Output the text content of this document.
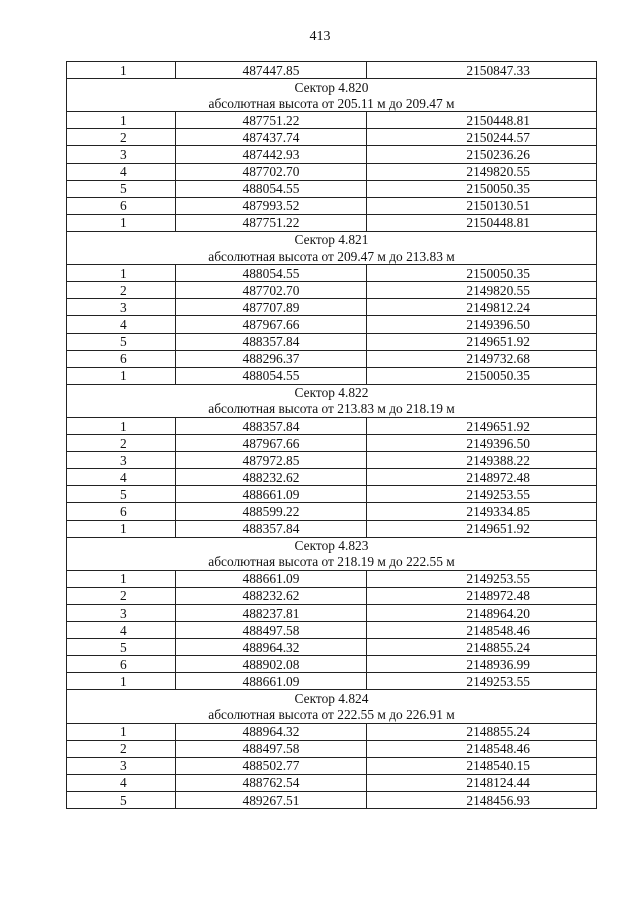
413
1	487447.85	2150847.33
Сектор 4.820		
абсолютная высота от 205.11 м до 209.47 м		
1	487751.22	2150448.81
2	487437.74	2150244.57
3	487442.93	2150236.26
4	487702.70	2149820.55
5	488054.55	2150050.35
6	487993.52	2150130.51
1	487751.22	2150448.81
Сектор 4.821		
абсолютная высота от 209.47 м до 213.83 м		
1	488054.55	2150050.35
2	487702.70	2149820.55
3	487707.89	2149812.24
4	487967.66	2149396.50
5	488357.84	2149651.92
6	488296.37	2149732.68
1	488054.55	2150050.35
Сектор 4.822		
абсолютная высота от 213.83 м до 218.19 м		
1	488357.84	2149651.92
2	487967.66	2149396.50
3	487972.85	2149388.22
4	488232.62	2148972.48
5	488661.09	2149253.55
6	488599.22	2149334.85
1	488357.84	2149651.92
Сектор 4.823		
абсолютная высота от 218.19 м до 222.55 м		
1	488661.09	2149253.55
2	488232.62	2148972.48
3	488237.81	2148964.20
4	488497.58	2148548.46
5	488964.32	2148855.24
6	488902.08	2148936.99
1	488661.09	2149253.55
Сектор 4.824		
абсолютная высота от 222.55 м до 226.91 м		
1	488964.32	2148855.24
2	488497.58	2148548.46
3	488502.77	2148540.15
4	488762.54	2148124.44
5	489267.51	2148456.93
